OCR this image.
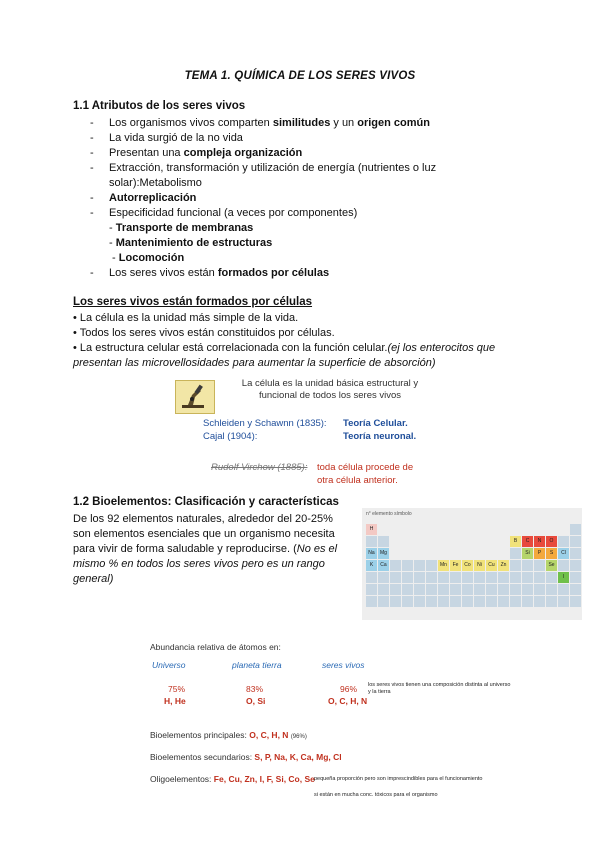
TEMA 1. QUÍMICA DE LOS SERES VIVOS
1.1 Atributos de los seres vivos
- Los organismos vivos comparten similitudes y un origen común
- La vida surgió de la no vida
- Presentan una compleja organización
- Extracción, transformación y utilización de energía (nutrientes o luz
solar):Metabolismo
- Autorreplicación
- Especificidad funcional (a veces por componentes)
- Transporte de membranas
- Mantenimiento de estructuras
- Locomoción
- Los seres vivos están formados por células
Los seres vivos están formados por células
• La célula es la unidad más simple de la vida.
• Todos los seres vivos están constituidos por células.
• La estructura celular está correlacionada con la función celular.(ej los enterocitos que
presentan las microvellosidades para aumentar la superficie de absorción)
La célula es la unidad básica estructural y
funcional de todos los seres vivos
Schleiden y Schawnn (1835): Teoría Celular.
Cajal (1904):	Teoría neuronal.
Rudolf Virchow (1885): toda célula procede de
otra célula anterior.
1.2 Bioelementos: Clasificación y características
De los 92 elementos naturales, alrededor del 20-25%
son elementos esenciales que un organismo necesita
para vivir de forma saludable y reproducirse. (No es el
mismo % en todos los seres vivos pero es un rango
general)
n° elemento símbolo
H
B	C	N	O
Na	Mg	Si	P	S	Cl
K	Ca	Mn	Fe	Co	Ni	Cu	Zn	Se
I
Abundancia relativa de átomos en:
Universo	planeta tierra	seres vivos
75%	83%	96%
H, He	O, Si	O, C, H, N
los seres vivos tienen una composición distinta al universo
y la tierra
Bioelementos principales: O, C, H, N (96%)
Bioelementos secundarios: S, P, Na, K, Ca, Mg, Cl
Oligoelementos: Fe, Cu, Zn, I, F, Si, Co, Se pequeña proporción pero son imprescindibles para el funcionamiento
si están en mucha conc. tóxicos para el organismo
